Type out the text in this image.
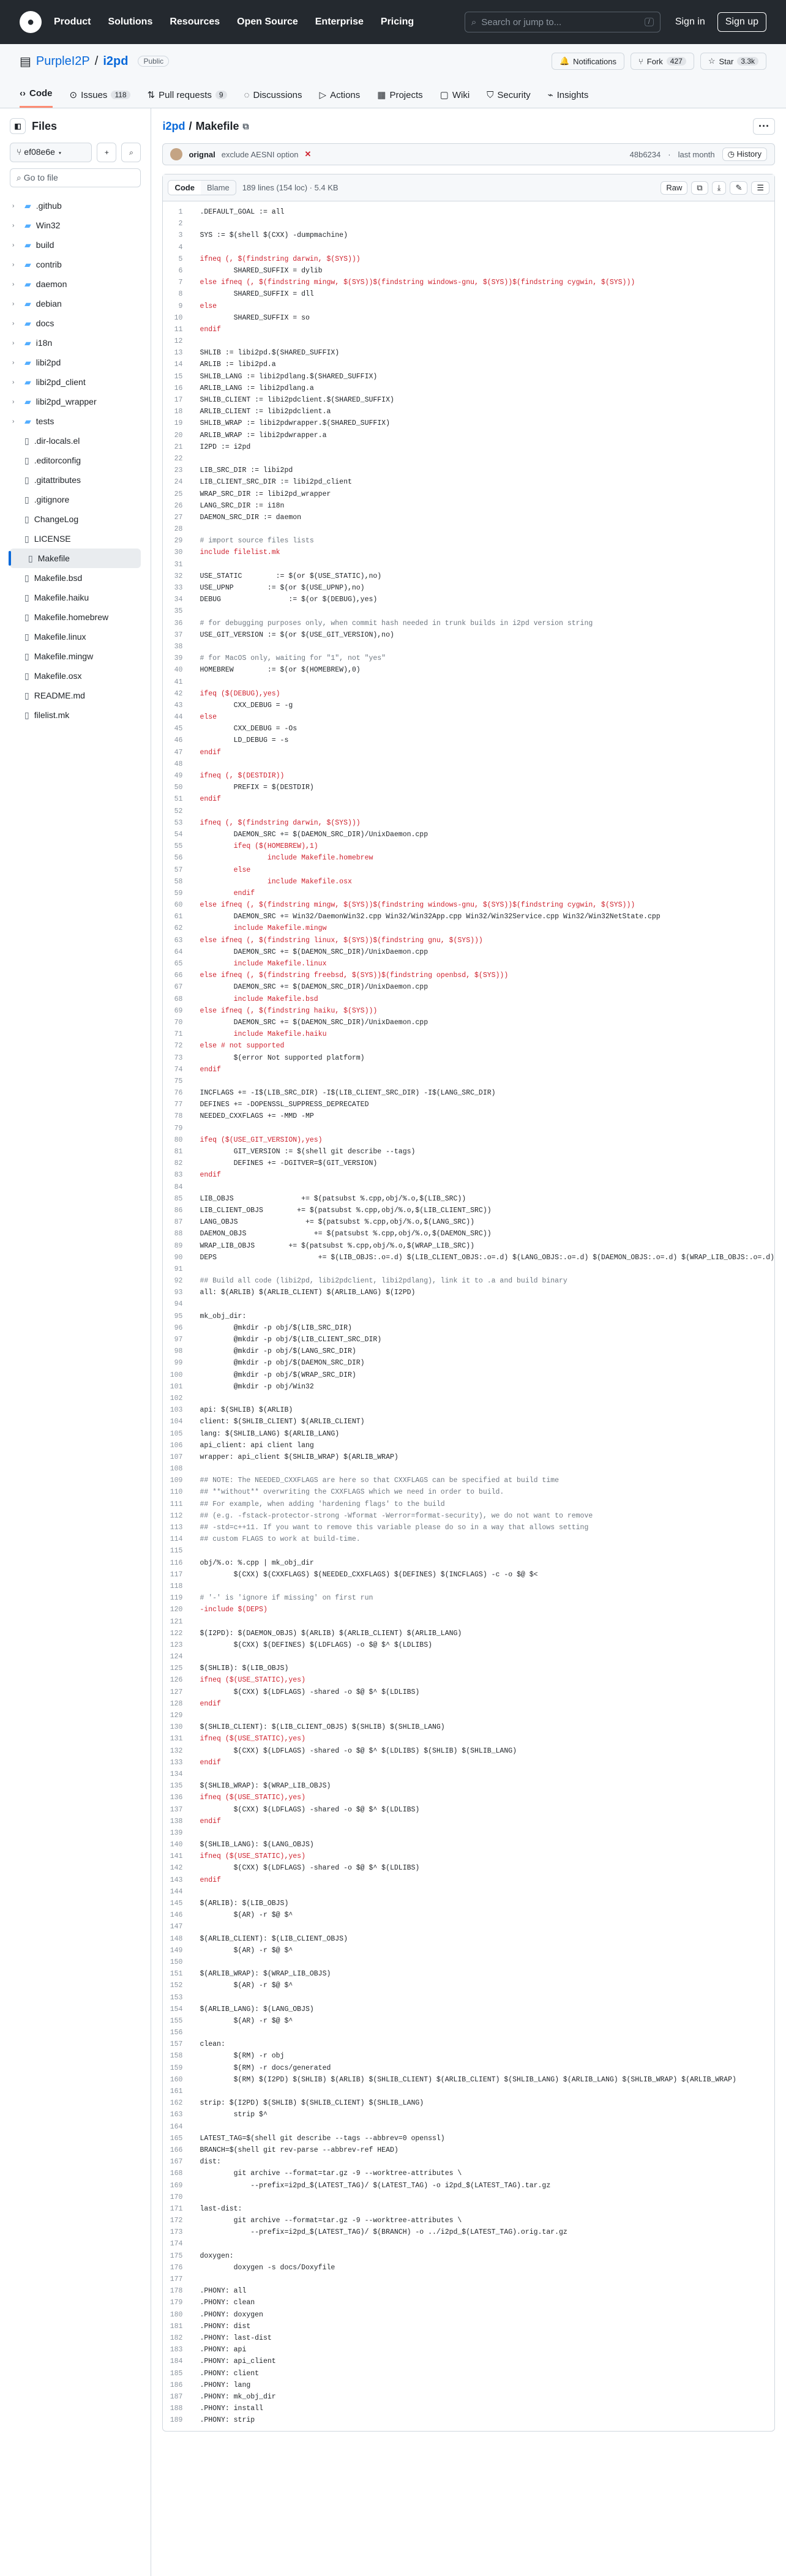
●	Product Solutions Resources Open Source Enterprise Pricing	⌕ Search or jump to...	/	Sign in	Sign up
▤ PurpleI2P / i2pd	Public	🔔 Notifications	⑂ Fork	427	☆ Star	3.3k
‹› Code ⊙ Issues	118	⇅ Pull requests	9	◌ Discussions ▷ Actions ▦ Projects ▢ Wiki ⛉ Security ⌁ Insights
◧ Files
⑂ ef08e6e ▾	+	⌕
⌕ Go to file
›	▰ .github
›	▰ Win32
›	▰ build
›	▰ contrib
›	▰ daemon
›	▰ debian
›	▰ docs
›	▰ i18n
›	▰ libi2pd
›	▰ libi2pd_client
›	▰ libi2pd_wrapper
›	▰ tests
▯ .dir-locals.el
▯ .editorconfig
▯ .gitattributes
▯ .gitignore
▯ ChangeLog
▯ LICENSE
▯ Makefile
▯ Makefile.bsd
▯ Makefile.haiku
▯ Makefile.homebrew
▯ Makefile.linux
▯ Makefile.mingw
▯ Makefile.osx
▯ README.md
▯ filelist.mk
i2pd / Makefile ⧉	···
orignal exclude AESNI option ✕	48b6234 · last month	◷ History
Code	Blame	189 lines (154 loc) · 5.4 KB	Raw	⧉	⤓	✎	☰
1	.DEFAULT_GOAL := all
2
3	SYS := $(shell $(CXX) -dumpmachine)
4
5	ifneq (, $(findstring darwin, $(SYS)))
6	SHARED_SUFFIX = dylib
7	else ifneq (, $(findstring mingw, $(SYS))$(findstring windows-gnu, $(SYS))$(findstring cygwin, $(SYS)))
8	SHARED_SUFFIX = dll
9	else
10	SHARED_SUFFIX = so
11	endif
12
13	SHLIB := libi2pd.$(SHARED_SUFFIX)
14	ARLIB := libi2pd.a
15	SHLIB_LANG := libi2pdlang.$(SHARED_SUFFIX)
16	ARLIB_LANG := libi2pdlang.a
17	SHLIB_CLIENT := libi2pdclient.$(SHARED_SUFFIX)
18	ARLIB_CLIENT := libi2pdclient.a
19	SHLIB_WRAP := libi2pdwrapper.$(SHARED_SUFFIX)
20	ARLIB_WRAP := libi2pdwrapper.a
21	I2PD := i2pd
22
23	LIB_SRC_DIR := libi2pd
24	LIB_CLIENT_SRC_DIR := libi2pd_client
25	WRAP_SRC_DIR := libi2pd_wrapper
26	LANG_SRC_DIR := i18n
27	DAEMON_SRC_DIR := daemon
28
29	# import source files lists
30	include filelist.mk
31
32	USE_STATIC        := $(or $(USE_STATIC),no)
33	USE_UPNP        := $(or $(USE_UPNP),no)
34	DEBUG                := $(or $(DEBUG),yes)
35
36	# for debugging purposes only, when commit hash needed in trunk builds in i2pd version string
37	USE_GIT_VERSION := $(or $(USE_GIT_VERSION),no)
38
39	# for MacOS only, waiting for "1", not "yes"
40	HOMEBREW        := $(or $(HOMEBREW),0)
41
42	ifeq ($(DEBUG),yes)
43	CXX_DEBUG = -g
44	else
45	CXX_DEBUG = -Os
46	LD_DEBUG = -s
47	endif
48
49	ifneq (, $(DESTDIR))
50	PREFIX = $(DESTDIR)
51	endif
52
53	ifneq (, $(findstring darwin, $(SYS)))
54	DAEMON_SRC += $(DAEMON_SRC_DIR)/UnixDaemon.cpp
55	ifeq ($(HOMEBREW),1)
56	include Makefile.homebrew
57	else
58	include Makefile.osx
59	endif
60	else ifneq (, $(findstring mingw, $(SYS))$(findstring windows-gnu, $(SYS))$(findstring cygwin, $(SYS)))
61	DAEMON_SRC += Win32/DaemonWin32.cpp Win32/Win32App.cpp Win32/Win32Service.cpp Win32/Win32NetState.cpp
62	include Makefile.mingw
63	else ifneq (, $(findstring linux, $(SYS))$(findstring gnu, $(SYS)))
64	DAEMON_SRC += $(DAEMON_SRC_DIR)/UnixDaemon.cpp
65	include Makefile.linux
66	else ifneq (, $(findstring freebsd, $(SYS))$(findstring openbsd, $(SYS)))
67	DAEMON_SRC += $(DAEMON_SRC_DIR)/UnixDaemon.cpp
68	include Makefile.bsd
69	else ifneq (, $(findstring haiku, $(SYS)))
70	DAEMON_SRC += $(DAEMON_SRC_DIR)/UnixDaemon.cpp
71	include Makefile.haiku
72	else # not supported
73	$(error Not supported platform)
74	endif
75
76	INCFLAGS += -I$(LIB_SRC_DIR) -I$(LIB_CLIENT_SRC_DIR) -I$(LANG_SRC_DIR)
77	DEFINES += -DOPENSSL_SUPPRESS_DEPRECATED
78	NEEDED_CXXFLAGS += -MMD -MP
79
80	ifeq ($(USE_GIT_VERSION),yes)
81	GIT_VERSION := $(shell git describe --tags)
82	DEFINES += -DGITVER=$(GIT_VERSION)
83	endif
84
85	LIB_OBJS                += $(patsubst %.cpp,obj/%.o,$(LIB_SRC))
86	LIB_CLIENT_OBJS        += $(patsubst %.cpp,obj/%.o,$(LIB_CLIENT_SRC))
87	LANG_OBJS                += $(patsubst %.cpp,obj/%.o,$(LANG_SRC))
88	DAEMON_OBJS                += $(patsubst %.cpp,obj/%.o,$(DAEMON_SRC))
89	WRAP_LIB_OBJS        += $(patsubst %.cpp,obj/%.o,$(WRAP_LIB_SRC))
90	DEPS                        += $(LIB_OBJS:.o=.d) $(LIB_CLIENT_OBJS:.o=.d) $(LANG_OBJS:.o=.d) $(DAEMON_OBJS:.o=.d) $(WRAP_LIB_OBJS:.o=.d)
91
92	## Build all code (libi2pd, libi2pdclient, libi2pdlang), link it to .a and build binary
93	all: $(ARLIB) $(ARLIB_CLIENT) $(ARLIB_LANG) $(I2PD)
94
95	mk_obj_dir:
96	@mkdir -p obj/$(LIB_SRC_DIR)
97	@mkdir -p obj/$(LIB_CLIENT_SRC_DIR)
98	@mkdir -p obj/$(LANG_SRC_DIR)
99	@mkdir -p obj/$(DAEMON_SRC_DIR)
100	@mkdir -p obj/$(WRAP_SRC_DIR)
101	@mkdir -p obj/Win32
102
103	api: $(SHLIB) $(ARLIB)
104	client: $(SHLIB_CLIENT) $(ARLIB_CLIENT)
105	lang: $(SHLIB_LANG) $(ARLIB_LANG)
106	api_client: api client lang
107	wrapper: api_client $(SHLIB_WRAP) $(ARLIB_WRAP)
108
109	## NOTE: The NEEDED_CXXFLAGS are here so that CXXFLAGS can be specified at build time
110	## **without** overwriting the CXXFLAGS which we need in order to build.
111	## For example, when adding 'hardening flags' to the build
112	## (e.g. -fstack-protector-strong -Wformat -Werror=format-security), we do not want to remove
113	## -std=c++11. If you want to remove this variable please do so in a way that allows setting
114	## custom FLAGS to work at build-time.
115
116	obj/%.o: %.cpp | mk_obj_dir
117	$(CXX) $(CXXFLAGS) $(NEEDED_CXXFLAGS) $(DEFINES) $(INCFLAGS) -c -o $@ $<
118
119	# '-' is 'ignore if missing' on first run
120	-include $(DEPS)
121
122	$(I2PD): $(DAEMON_OBJS) $(ARLIB) $(ARLIB_CLIENT) $(ARLIB_LANG)
123	$(CXX) $(DEFINES) $(LDFLAGS) -o $@ $^ $(LDLIBS)
124
125	$(SHLIB): $(LIB_OBJS)
126	ifneq ($(USE_STATIC),yes)
127	$(CXX) $(LDFLAGS) -shared -o $@ $^ $(LDLIBS)
128	endif
129
130	$(SHLIB_CLIENT): $(LIB_CLIENT_OBJS) $(SHLIB) $(SHLIB_LANG)
131	ifneq ($(USE_STATIC),yes)
132	$(CXX) $(LDFLAGS) -shared -o $@ $^ $(LDLIBS) $(SHLIB) $(SHLIB_LANG)
133	endif
134
135	$(SHLIB_WRAP): $(WRAP_LIB_OBJS)
136	ifneq ($(USE_STATIC),yes)
137	$(CXX) $(LDFLAGS) -shared -o $@ $^ $(LDLIBS)
138	endif
139
140	$(SHLIB_LANG): $(LANG_OBJS)
141	ifneq ($(USE_STATIC),yes)
142	$(CXX) $(LDFLAGS) -shared -o $@ $^ $(LDLIBS)
143	endif
144
145	$(ARLIB): $(LIB_OBJS)
146	$(AR) -r $@ $^
147
148	$(ARLIB_CLIENT): $(LIB_CLIENT_OBJS)
149	$(AR) -r $@ $^
150
151	$(ARLIB_WRAP): $(WRAP_LIB_OBJS)
152	$(AR) -r $@ $^
153
154	$(ARLIB_LANG): $(LANG_OBJS)
155	$(AR) -r $@ $^
156
157	clean:
158	$(RM) -r obj
159	$(RM) -r docs/generated
160	$(RM) $(I2PD) $(SHLIB) $(ARLIB) $(SHLIB_CLIENT) $(ARLIB_CLIENT) $(SHLIB_LANG) $(ARLIB_LANG) $(SHLIB_WRAP) $(ARLIB_WRAP)
161
162	strip: $(I2PD) $(SHLIB) $(SHLIB_CLIENT) $(SHLIB_LANG)
163	strip $^
164
165	LATEST_TAG=$(shell git describe --tags --abbrev=0 openssl)
166	BRANCH=$(shell git rev-parse --abbrev-ref HEAD)
167	dist:
168	git archive --format=tar.gz -9 --worktree-attributes \
169	--prefix=i2pd_$(LATEST_TAG)/ $(LATEST_TAG) -o i2pd_$(LATEST_TAG).tar.gz
170
171	last-dist:
172	git archive --format=tar.gz -9 --worktree-attributes \
173	--prefix=i2pd_$(LATEST_TAG)/ $(BRANCH) -o ../i2pd_$(LATEST_TAG).orig.tar.gz
174
175	doxygen:
176	doxygen -s docs/Doxyfile
177
178	.PHONY: all
179	.PHONY: clean
180	.PHONY: doxygen
181	.PHONY: dist
182	.PHONY: last-dist
183	.PHONY: api
184	.PHONY: api_client
185	.PHONY: client
186	.PHONY: lang
187	.PHONY: mk_obj_dir
188	.PHONY: install
189	.PHONY: strip
